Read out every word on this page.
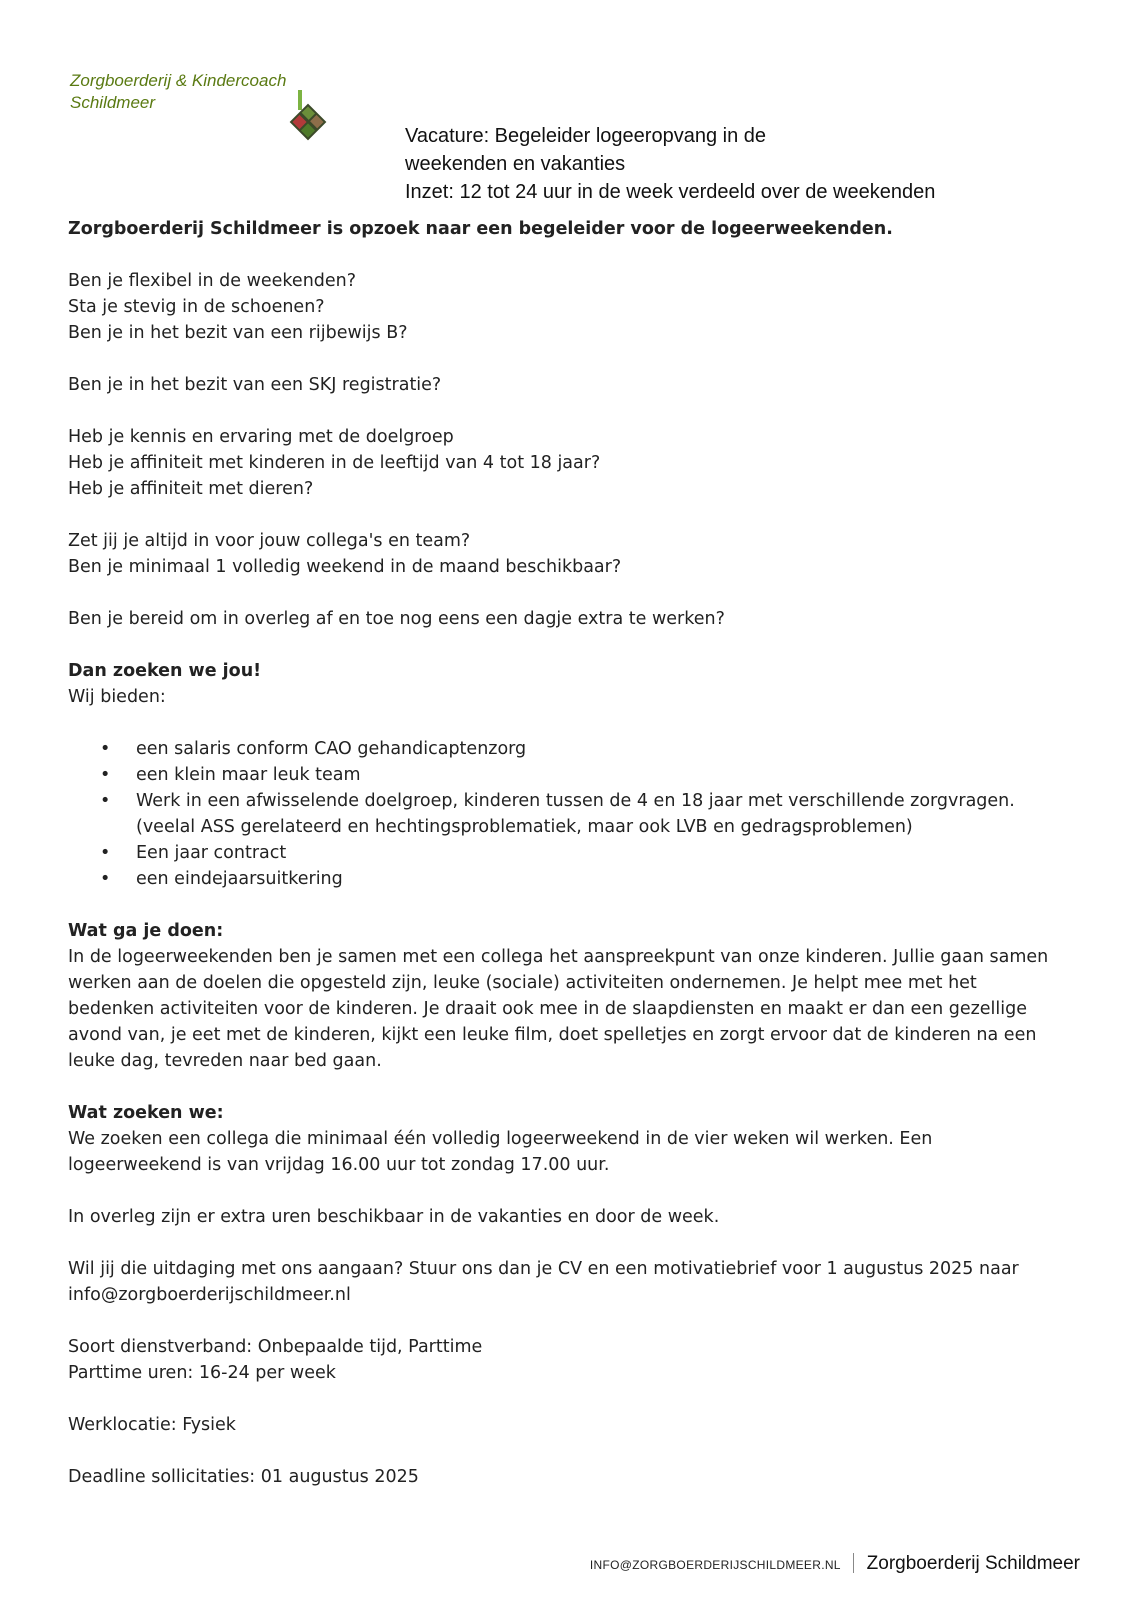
Zorgboerderij & Kindercoach

Schildmeer

Vacature: Begeleider logeeropvang in de
weekenden en vakanties
Inzet: 12 tot 24 uur in de week verdeeld over de weekenden

Zorgboerderij Schildmeer is opzoek naar een begeleider voor de logeerweekenden.

Ben je flexibel in de weekenden?
Sta je stevig in de schoenen?
Ben je in het bezit van een rijbewijs B?

Ben je in het bezit van een SKJ registratie?

Heb je kennis en ervaring met de doelgroep
Heb je affiniteit met kinderen in de leeftijd van 4 tot 18 jaar?
Heb je affiniteit met dieren?

Zet jij je altijd in voor jouw collega's en team?
Ben je minimaal 1 volledig weekend in de maand beschikbaar?

Ben je bereid om in overleg af en toe nog eens een dagje extra te werken?

Dan zoeken we jou!
Wij bieden:

• een salaris conform CAO gehandicaptenzorg
• een klein maar leuk team
• Werk in een afwisselende doelgroep, kinderen tussen de 4 en 18 jaar met verschillende zorgvragen. (veelal ASS gerelateerd en hechtingsproblematiek, maar ook LVB en gedragsproblemen)
• Een jaar contract
• een eindejaarsuitkering

Wat ga je doen:
In de logeerweekenden ben je samen met een collega het aanspreekpunt van onze kinderen. Jullie gaan samen werken aan de doelen die opgesteld zijn, leuke (sociale) activiteiten ondernemen. Je helpt mee met het bedenken activiteiten voor de kinderen. Je draait ook mee in de slaapdiensten en maakt er dan een gezellige avond van, je eet met de kinderen, kijkt een leuke film, doet spelletjes en zorgt ervoor dat de kinderen na een leuke dag, tevreden naar bed gaan.

Wat zoeken we:
We zoeken een collega die minimaal één volledig logeerweekend in de vier weken wil werken. Een logeerweekend is van vrijdag 16.00 uur tot zondag 17.00 uur.

In overleg zijn er extra uren beschikbaar in de vakanties en door de week.

Wil jij die uitdaging met ons aangaan? Stuur ons dan je CV en een motivatiebrief voor 1 augustus 2025 naar
info@zorgboerderijschildmeer.nl

Soort dienstverband: Onbepaalde tijd, Parttime
Parttime uren: 16-24 per week

Werklocatie: Fysiek

Deadline sollicitaties: 01 augustus 2025

INFO@ZORGBOERDERIJSCHILDMEER.NL Zorgboerderij Schildmeer
